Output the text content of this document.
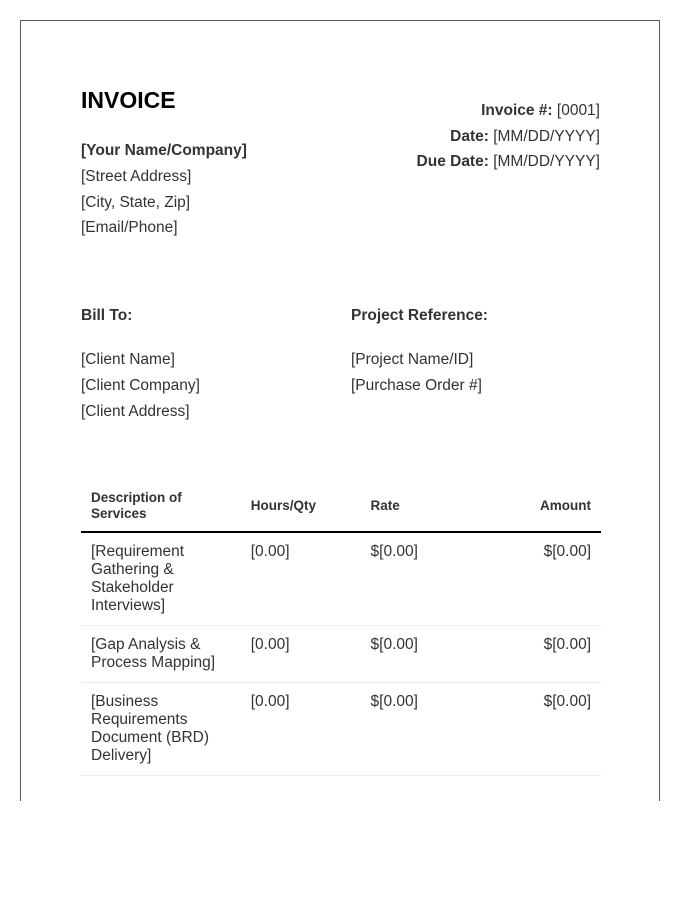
INVOICE
[Your Name/Company]
[Street Address]
[City, State, Zip]
[Email/Phone]
Invoice #: [0001]
Date: [MM/DD/YYYY]
Due Date: [MM/DD/YYYY]
Bill To:
[Client Name]
[Client Company]
[Client Address]
Project Reference:
[Project Name/ID]
[Purchase Order #]
Description of Services	Hours/Qty	Rate	Amount
[Requirement Gathering & Stakeholder Interviews]	[0.00]	$[0.00]	$[0.00]
[Gap Analysis & Process Mapping]	[0.00]	$[0.00]	$[0.00]
[Business Requirements Document (BRD) Delivery]	[0.00]	$[0.00]	$[0.00]
